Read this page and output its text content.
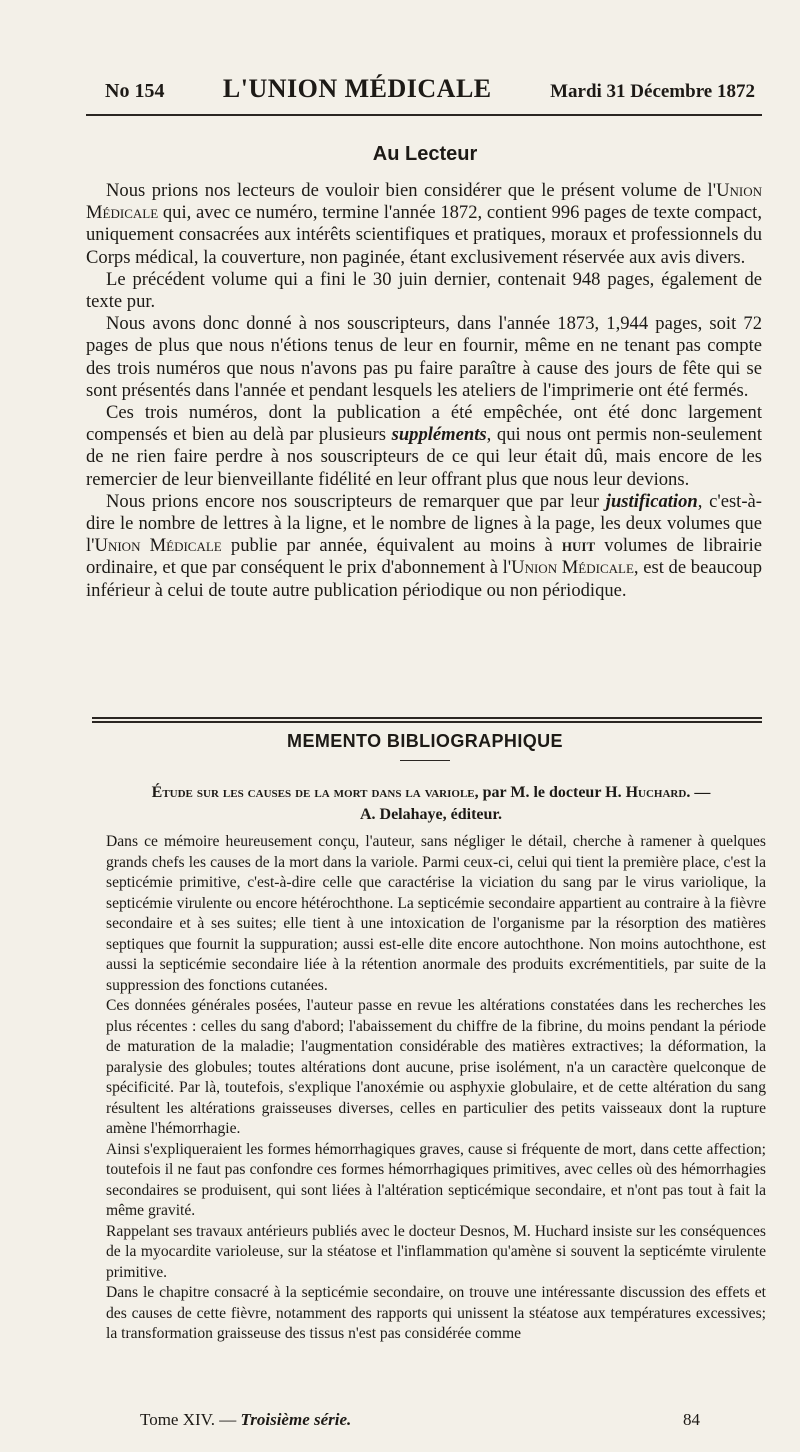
No 154 L'UNION MÉDICALE	Mardi 31 Décembre 1872
Au Lecteur

Nous prions nos lecteurs de vouloir bien considérer que le présent volume de l'Union Médicale qui, avec ce numéro, termine l'année 1872, contient 996 pages de texte compact, uniquement consacrées aux intérêts scientifiques et pratiques, moraux et professionnels du Corps médical, la couverture, non paginée, étant exclusivement réservée aux avis divers.

Le précédent volume qui a fini le 30 juin dernier, contenait 948 pages, également de texte pur.

Nous avons donc donné à nos souscripteurs, dans l'année 1873, 1,944 pages, soit 72 pages de plus que nous n'étions tenus de leur en fournir, même en ne tenant pas compte des trois numéros que nous n'avons pas pu faire paraître à cause des jours de fête qui se sont présentés dans l'année et pendant lesquels les ateliers de l'imprimerie ont été fermés.

Ces trois numéros, dont la publication a été empêchée, ont été donc largement compensés et bien au delà par plusieurs suppléments, qui nous ont permis non-seulement de ne rien faire perdre à nos souscripteurs de ce qui leur était dû, mais encore de les remercier de leur bienveillante fidélité en leur offrant plus que nous leur devions.

Nous prions encore nos souscripteurs de remarquer que par leur justification, c'est-à-dire le nombre de lettres à la ligne, et le nombre de lignes à la page, les deux volumes que l'Union Médicale publie par année, équivalent au moins à huit volumes de librairie ordinaire, et que par conséquent le prix d'abonnement à l'Union Médicale, est de beaucoup inférieur à celui de toute autre publication périodique ou non périodique.

MEMENTO BIBLIOGRAPHIQUE
Étude sur les causes de la mort dans la variole, par M. le docteur H. Huchard. —
A. Delahaye, éditeur.

Dans ce mémoire heureusement conçu, l'auteur, sans négliger le détail, cherche à ramener à quelques grands chefs les causes de la mort dans la variole. Parmi ceux-ci, celui qui tient la première place, c'est la septicémie primitive, c'est-à-dire celle que caractérise la viciation du sang par le virus variolique, la septicémie virulente ou encore hétérochthone. La septicémie secondaire appartient au contraire à la fièvre secondaire et à ses suites; elle tient à une intoxication de l'organisme par la résorption des matières septiques que fournit la suppuration; aussi est-elle dite encore autochthone. Non moins autochthone, est aussi la septicémie secondaire liée à la rétention anormale des produits excrémentitiels, par suite de la suppression des fonctions cutanées.

Ces données générales posées, l'auteur passe en revue les altérations constatées dans les recherches les plus récentes : celles du sang d'abord; l'abaissement du chiffre de la fibrine, du moins pendant la période de maturation de la maladie; l'augmentation considérable des matières extractives; la déformation, la paralysie des globules; toutes altérations dont aucune, prise isolément, n'a un caractère quelconque de spécificité. Par là, toutefois, s'explique l'anoxémie ou asphyxie globulaire, et de cette altération du sang résultent les altérations graisseuses diverses, celles en particulier des petits vaisseaux dont la rupture amène l'hémorrhagie.

Ainsi s'expliqueraient les formes hémorrhagiques graves, cause si fréquente de mort, dans cette affection; toutefois il ne faut pas confondre ces formes hémorrhagiques primitives, avec celles où des hémorrhagies secondaires se produisent, qui sont liées à l'altération septicémique secondaire, et n'ont pas tout à fait la même gravité.

Rappelant ses travaux antérieurs publiés avec le docteur Desnos, M. Huchard insiste sur les conséquences de la myocardite varioleuse, sur la stéatose et l'inflammation qu'amène si souvent la septicémte virulente primitive.

Dans le chapitre consacré à la septicémie secondaire, on trouve une intéressante discussion des effets et des causes de cette fièvre, notamment des rapports qui unissent la stéatose aux températures excessives; la transformation graisseuse des tissus n'est pas considérée comme

Tome XIV. — Troisième série.	84
